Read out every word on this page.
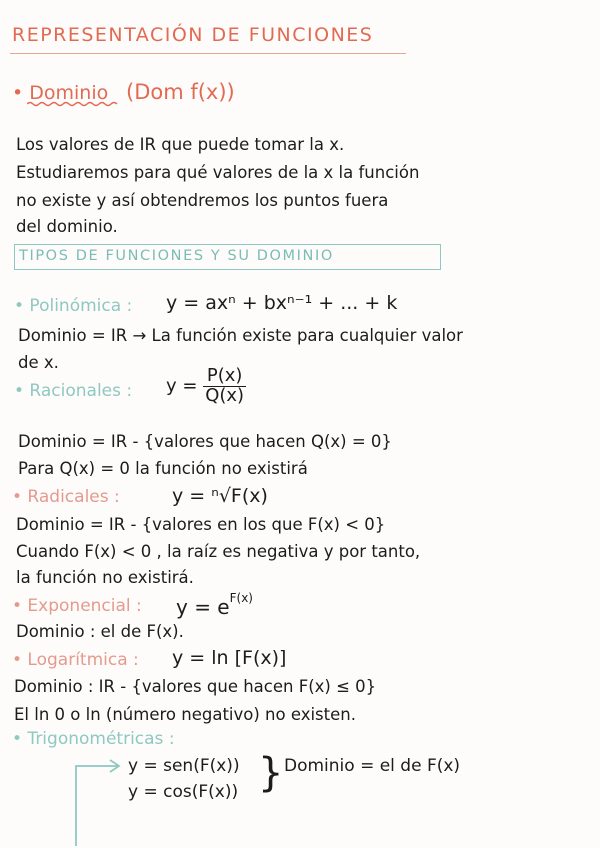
REPRESENTACIÓN DE FUNCIONES
• Dominio (Dom f(x))
Los valores de IR que puede tomar la x.
Estudiaremos para qué valores de la x la función
no existe y así obtendremos los puntos fuera
del dominio.
TIPOS DE FUNCIONES Y SU DOMINIO
• Polinómica : y = axⁿ + bxⁿ⁻¹ + ... + k
Dominio = IR → La función existe para cualquier valor
de x.
• Racionales : $y = \frac{P(x)}{Q(x)}$
Dominio = IR - {valores que hacen Q(x) = 0}
Para Q(x) = 0 la función no existirá
• Radicales :	y = ⁿ√F(x)
Dominio = IR - {valores en los que F(x) < 0}
Cuando F(x) < 0 , la raíz es negativa y por tanto,
la función no existirá.
• Exponencial : $y = e^{F(x)}$
Dominio : el de F(x).
• Logarítmica : y = ln [F(x)]
Dominio : IR - {valores que hacen F(x) ≤ 0}
El ln 0 o ln (número negativo) no existen.
• Trigonométricas :
y = sen(F(x))
y = cos(F(x)) } Dominio = el de F(x)
